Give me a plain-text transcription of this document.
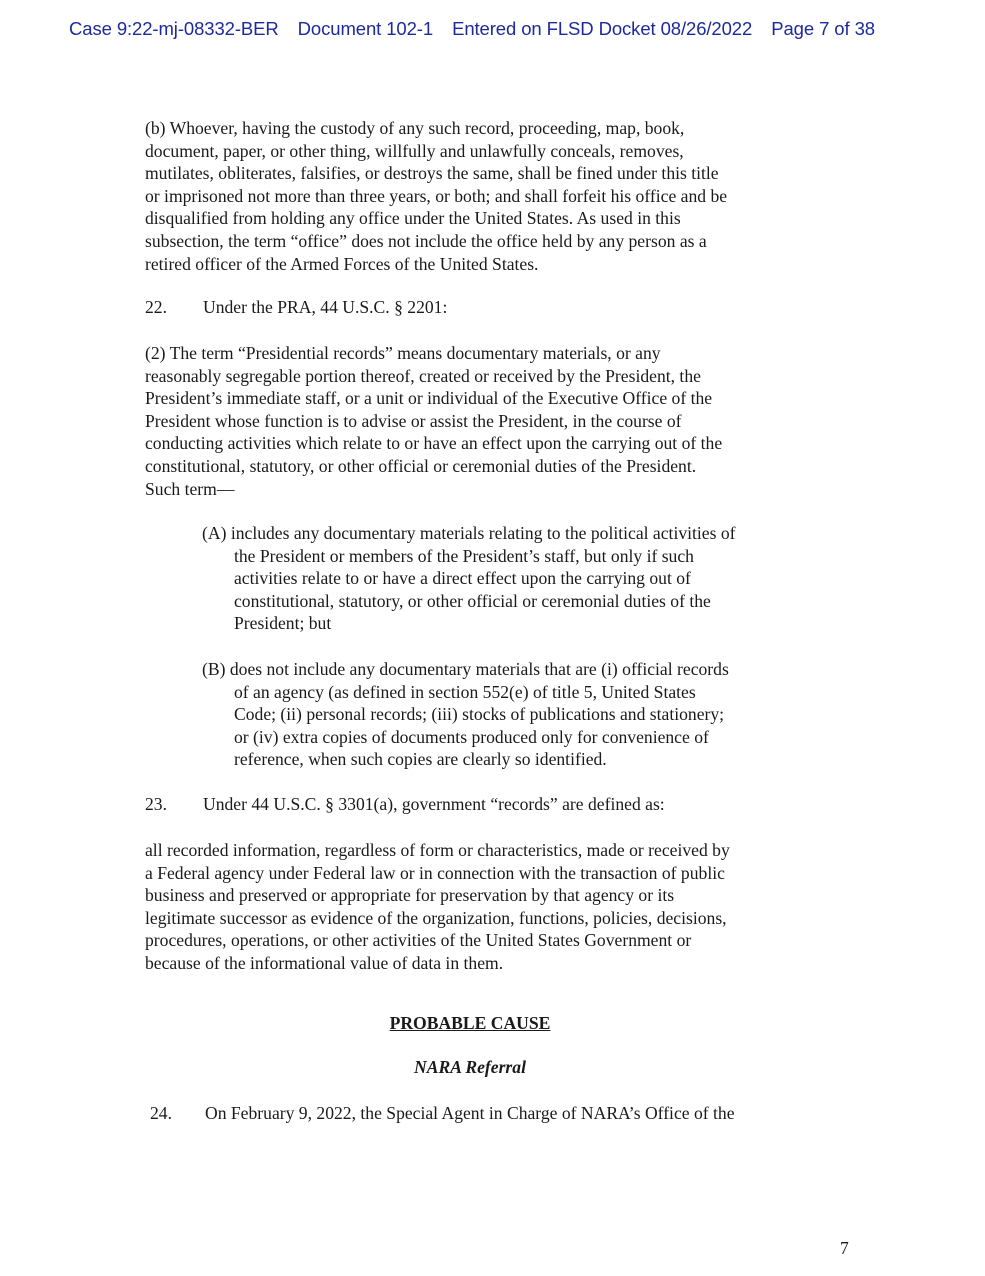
Case 9:22-mj-08332-BER Document 102-1 Entered on FLSD Docket 08/26/2022 Page 7 of 38
(b) Whoever, having the custody of any such record, proceeding, map, book,
document, paper, or other thing, willfully and unlawfully conceals, removes,
mutilates, obliterates, falsifies, or destroys the same, shall be fined under this title
or imprisoned not more than three years, or both; and shall forfeit his office and be
disqualified from holding any office under the United States. As used in this
subsection, the term “office” does not include the office held by any person as a
retired officer of the Armed Forces of the United States.
22. Under the PRA, 44 U.S.C. § 2201:
(2) The term “Presidential records” means documentary materials, or any
reasonably segregable portion thereof, created or received by the President, the
President’s immediate staff, or a unit or individual of the Executive Office of the
President whose function is to advise or assist the President, in the course of
conducting activities which relate to or have an effect upon the carrying out of the
constitutional, statutory, or other official or ceremonial duties of the President.
Such term—
(A) includes any documentary materials relating to the political activities of
the President or members of the President’s staff, but only if such
activities relate to or have a direct effect upon the carrying out of
constitutional, statutory, or other official or ceremonial duties of the
President; but
(B) does not include any documentary materials that are (i) official records
of an agency (as defined in section 552(e) of title 5, United States
Code; (ii) personal records; (iii) stocks of publications and stationery;
or (iv) extra copies of documents produced only for convenience of
reference, when such copies are clearly so identified.
23. Under 44 U.S.C. § 3301(a), government “records” are defined as:
all recorded information, regardless of form or characteristics, made or received by
a Federal agency under Federal law or in connection with the transaction of public
business and preserved or appropriate for preservation by that agency or its
legitimate successor as evidence of the organization, functions, policies, decisions,
procedures, operations, or other activities of the United States Government or
because of the informational value of data in them.
PROBABLE CAUSE
NARA Referral
24. On February 9, 2022, the Special Agent in Charge of NARA’s Office of the
7
